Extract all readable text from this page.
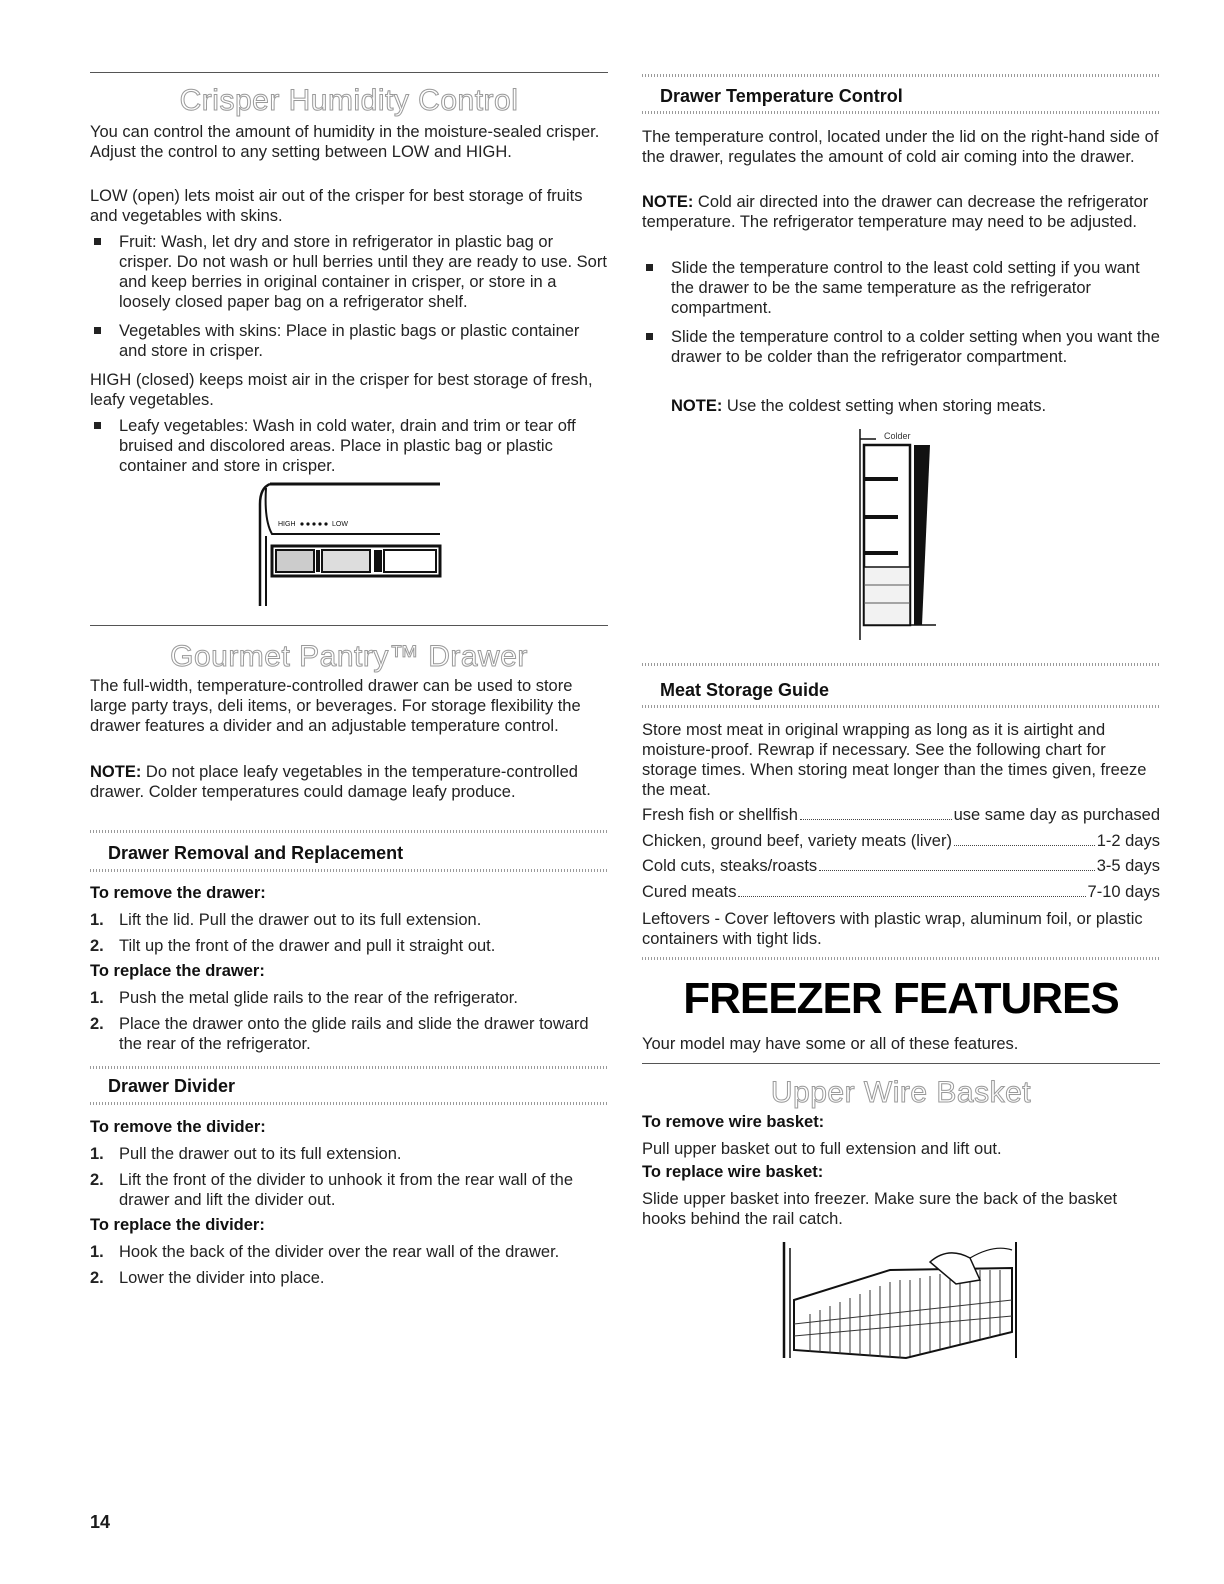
Crisper Humidity Control
You can control the amount of humidity in the moisture-sealed crisper. Adjust the control to any setting between LOW and HIGH.
LOW (open) lets moist air out of the crisper for best storage of fruits and vegetables with skins.
Fruit: Wash, let dry and store in refrigerator in plastic bag or crisper. Do not wash or hull berries until they are ready to use. Sort and keep berries in original container in crisper, or store in a loosely closed paper bag on a refrigerator shelf.
Vegetables with skins: Place in plastic bags or plastic container and store in crisper.
HIGH (closed) keeps moist air in the crisper for best storage of fresh, leafy vegetables.
Leafy vegetables: Wash in cold water, drain and trim or tear off bruised and discolored areas. Place in plastic bag or plastic container and store in crisper.
HIGH	LOW
Gourmet Pantry™ Drawer
The full-width, temperature-controlled drawer can be used to store large party trays, deli items, or beverages. For storage flexibility the drawer features a divider and an adjustable temperature control.
NOTE: Do not place leafy vegetables in the temperature-controlled drawer. Colder temperatures could damage leafy produce.
Drawer Removal and Replacement
To remove the drawer:
1. Lift the lid. Pull the drawer out to its full extension.
2. Tilt up the front of the drawer and pull it straight out.
To replace the drawer:
1. Push the metal glide rails to the rear of the refrigerator.
2. Place the drawer onto the glide rails and slide the drawer toward the rear of the refrigerator.
Drawer Divider
To remove the divider:
1. Pull the drawer out to its full extension.
2. Lift the front of the divider to unhook it from the rear wall of the drawer and lift the divider out.
To replace the divider:
1. Hook the back of the divider over the rear wall of the drawer.
2. Lower the divider into place.
Drawer Temperature Control
The temperature control, located under the lid on the right-hand side of the drawer, regulates the amount of cold air coming into the drawer.
NOTE: Cold air directed into the drawer can decrease the refrigerator temperature. The refrigerator temperature may need to be adjusted.
Slide the temperature control to the least cold setting if you want the drawer to be the same temperature as the refrigerator compartment.
Slide the temperature control to a colder setting when you want the drawer to be colder than the refrigerator compartment.
NOTE: Use the coldest setting when storing meats.
Colder
Meat Storage Guide
Store most meat in original wrapping as long as it is airtight and moisture-proof. Rewrap if necessary. See the following chart for storage times. When storing meat longer than the times given, freeze the meat.
Fresh fish or shellfish	use same day as purchased
Chicken, ground beef, variety meats (liver)	1-2 days
Cold cuts, steaks/roasts	3-5 days
Cured meats	7-10 days
Leftovers - Cover leftovers with plastic wrap, aluminum foil, or plastic containers with tight lids.
FREEZER FEATURES
Your model may have some or all of these features.
Upper Wire Basket
To remove wire basket:
Pull upper basket out to full extension and lift out.
To replace wire basket:
Slide upper basket into freezer. Make sure the back of the basket hooks behind the rail catch.
14
